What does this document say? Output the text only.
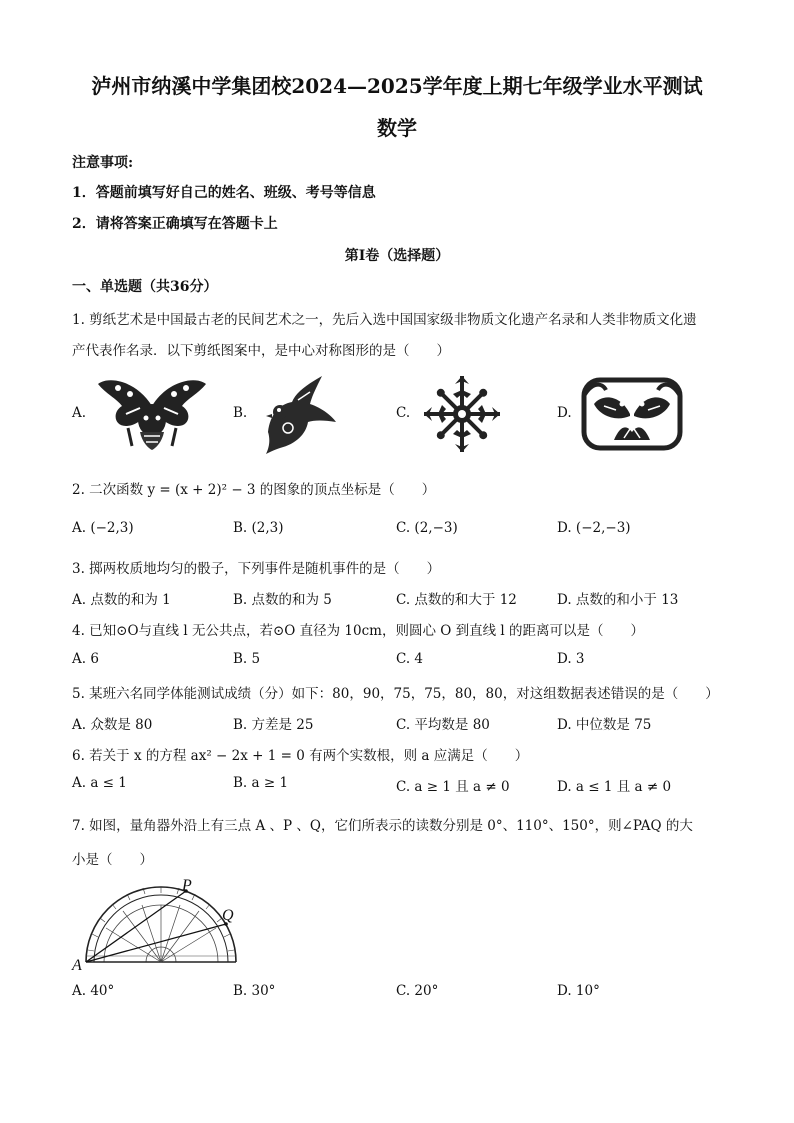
泸州市纳溪中学集团校2024—2025学年度上期七年级学业水平测试
数学
注意事项:
1．答题前填写好自己的姓名、班级、考号等信息
2．请将答案正确填写在答题卡上
第I卷（选择题）
一、单选题（共36分）
1. 剪纸艺术是中国最古老的民间艺术之一，先后入选中国国家级非物质文化遗产名录和人类非物质文化遗
产代表作名录．以下剪纸图案中，是中心对称图形的是（　　）
A.	B.	C.	D.
2. 二次函数 y = (x + 2)² − 3 的图象的顶点坐标是（　　）
A. (−2,3)	B. (2,3)	C. (2,−3)	D. (−2,−3)
3. 掷两枚质地均匀的骰子，下列事件是随机事件的是（　　）
A. 点数的和为 1	B. 点数的和为 5	C. 点数的和大于 12	D. 点数的和小于 13
4. 已知⊙O与直线 l 无公共点，若⊙O 直径为 10cm，则圆心 O 到直线 l 的距离可以是（　　）
A. 6	B. 5	C. 4	D. 3
5. 某班六名同学体能测试成绩（分）如下：80，90，75，75，80，80，对这组数据表述错误的是（　　）
A. 众数是 80	B. 方差是 25	C. 平均数是 80	D. 中位数是 75
6. 若关于 x 的方程 ax² − 2x + 1 = 0 有两个实数根，则 a 应满足（　　）
A. a ≤ 1	B. a ≥ 1	C. a ≥ 1 且 a ≠ 0	D. a ≤ 1 且 a ≠ 0
7. 如图，量角器外沿上有三点 A 、P 、Q，它们所表示的读数分别是 0°、110°、150°，则∠PAQ 的大
小是（　　）
A
P
Q
A. 40°	B. 30°	C. 20°	D. 10°
